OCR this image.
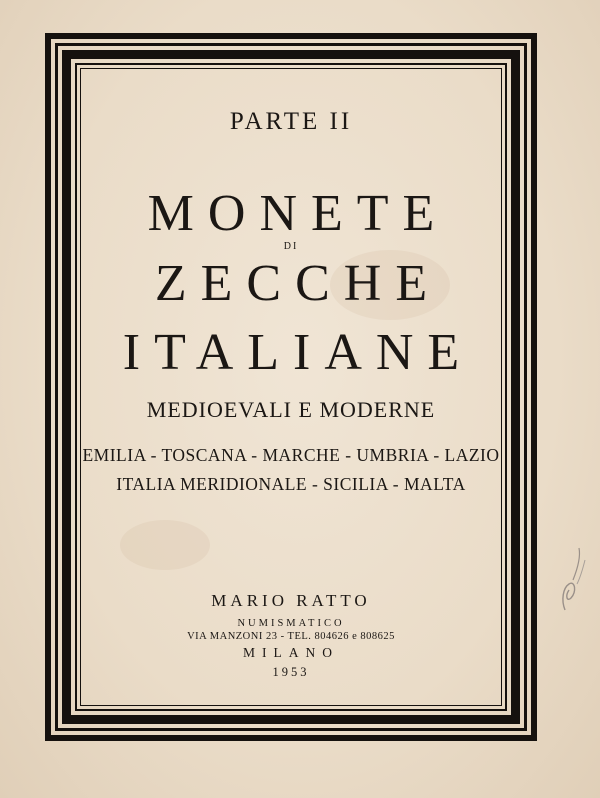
PARTE II
MONETE
DI
ZECCHE
ITALIANE
MEDIOEVALI E MODERNE
EMILIA - TOSCANA - MARCHE - UMBRIA - LAZIO
ITALIA MERIDIONALE - SICILIA - MALTA
MARIO RATTO
NUMISMATICO
VIA MANZONI 23 - TEL. 804626 e 808625
MILANO
1953
